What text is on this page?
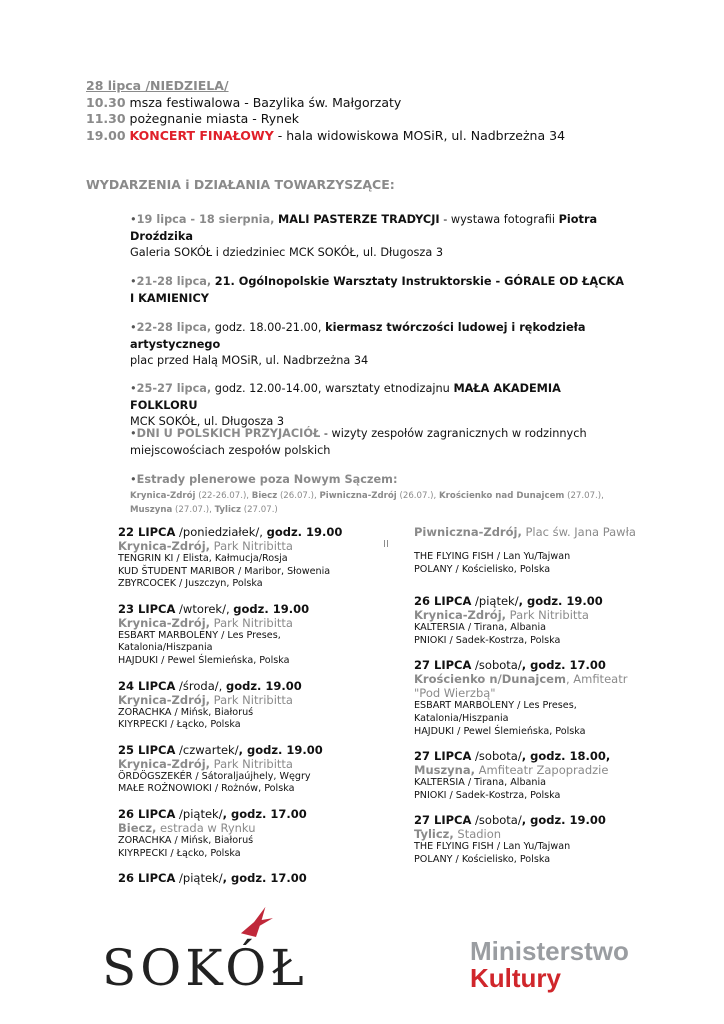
28 lipca /NIEDZIELA/
10.30 msza festiwalowa - Bazylika św. Małgorzaty
11.30 pożegnanie miasta - Rynek
19.00 KONCERT FINAŁOWY - hala widowiskowa MOSiR, ul. Nadbrzeżna 34
WYDARZENIA i DZIAŁANIA TOWARZYSZĄCE:
•19 lipca - 18 sierpnia, MALI PASTERZE TRADYCJI - wystawa fotografii Piotra Droździka
Galeria SOKÓŁ i dziedziniec MCK SOKÓŁ, ul. Długosza 3
•21-28 lipca, 21. Ogólnopolskie Warsztaty Instruktorskie - GÓRALE OD ŁĄCKA I KAMIENICY
•22-28 lipca, godz. 18.00-21.00, kiermasz twórczości ludowej i rękodzieła artystycznego
plac przed Halą MOSiR, ul. Nadbrzeżna 34
•25-27 lipca, godz. 12.00-14.00, warsztaty etnodizajnu MAŁA AKADEMIA FOLKLORU
MCK SOKÓŁ, ul. Długosza 3
•DNI U POLSKICH PRZYJACIÓŁ - wizyty zespołów zagranicznych w rodzinnych miejscowościach zespołów polskich
•Estrady plenerowe poza Nowym Sączem:
Krynica-Zdrój (22-26.07.), Biecz (26.07.), Piwniczna-Zdrój (26.07.), Krościenko nad Dunajcem (27.07.), Muszyna (27.07.), Tylicz (27.07.)
22 LIPCA /poniedziałek/, godz. 19.00
Krynica-Zdrój, Park Nitribitta
TENGRIN KI / Elista, Kałmucja/Rosja
KUD ŠTUDENT MARIBOR / Maribor, Słowenia
ZBYRCOCEK / Juszczyn, Polska
23 LIPCA /wtorek/, godz. 19.00
Krynica-Zdrój, Park Nitribitta
ESBART MARBOLENY / Les Preses, Katalonia/Hiszpania
HAJDUKI / Pewel Ślemieńska, Polska
24 LIPCA /środa/, godz. 19.00
Krynica-Zdrój, Park Nitribitta
ZORACHKA / Mińsk, Białoruś
KIYRPECKI / Łącko, Polska
25 LIPCA /czwartek/, godz. 19.00
Krynica-Zdrój, Park Nitribitta
ÖRDÖGSZEKÉR / Sátoraljaújhely, Węgry
MAŁE ROŻNOWIOKI / Rożnów, Polska
26 LIPCA /piątek/, godz. 17.00
Biecz, estrada w Rynku
ZORACHKA / Mińsk, Białoruś
KIYRPECKI / Łącko, Polska
26 LIPCA /piątek/, godz. 17.00
Piwniczna-Zdrój, Plac św. Jana Pawła
THE FLYING FISH / Lan Yu/Tajwan
POLANY / Kościelisko, Polska
26 LIPCA /piątek/, godz. 19.00
Krynica-Zdrój, Park Nitribitta
KALTERSIA / Tirana, Albania
PNIOKI / Sadek-Kostrza, Polska
27 LIPCA /sobota/, godz. 17.00
Krościenko n/Dunajcem, Amfiteatr "Pod Wierzbą"
ESBART MARBOLENY / Les Preses, Katalonia/Hiszpania
HAJDUKI / Pewel Ślemieńska, Polska
27 LIPCA /sobota/, godz. 18.00,
Muszyna, Amfiteatr Zapopradzie
KALTERSIA / Tirana, Albania
PNIOKI / Sadek-Kostrza, Polska
27 LIPCA /sobota/, godz. 19.00
Tylicz, Stadion
THE FLYING FISH / Lan Yu/Tajwan
POLANY / Kościelisko, Polska
II
SOKÓŁ	Ministerstwo
Kultury
